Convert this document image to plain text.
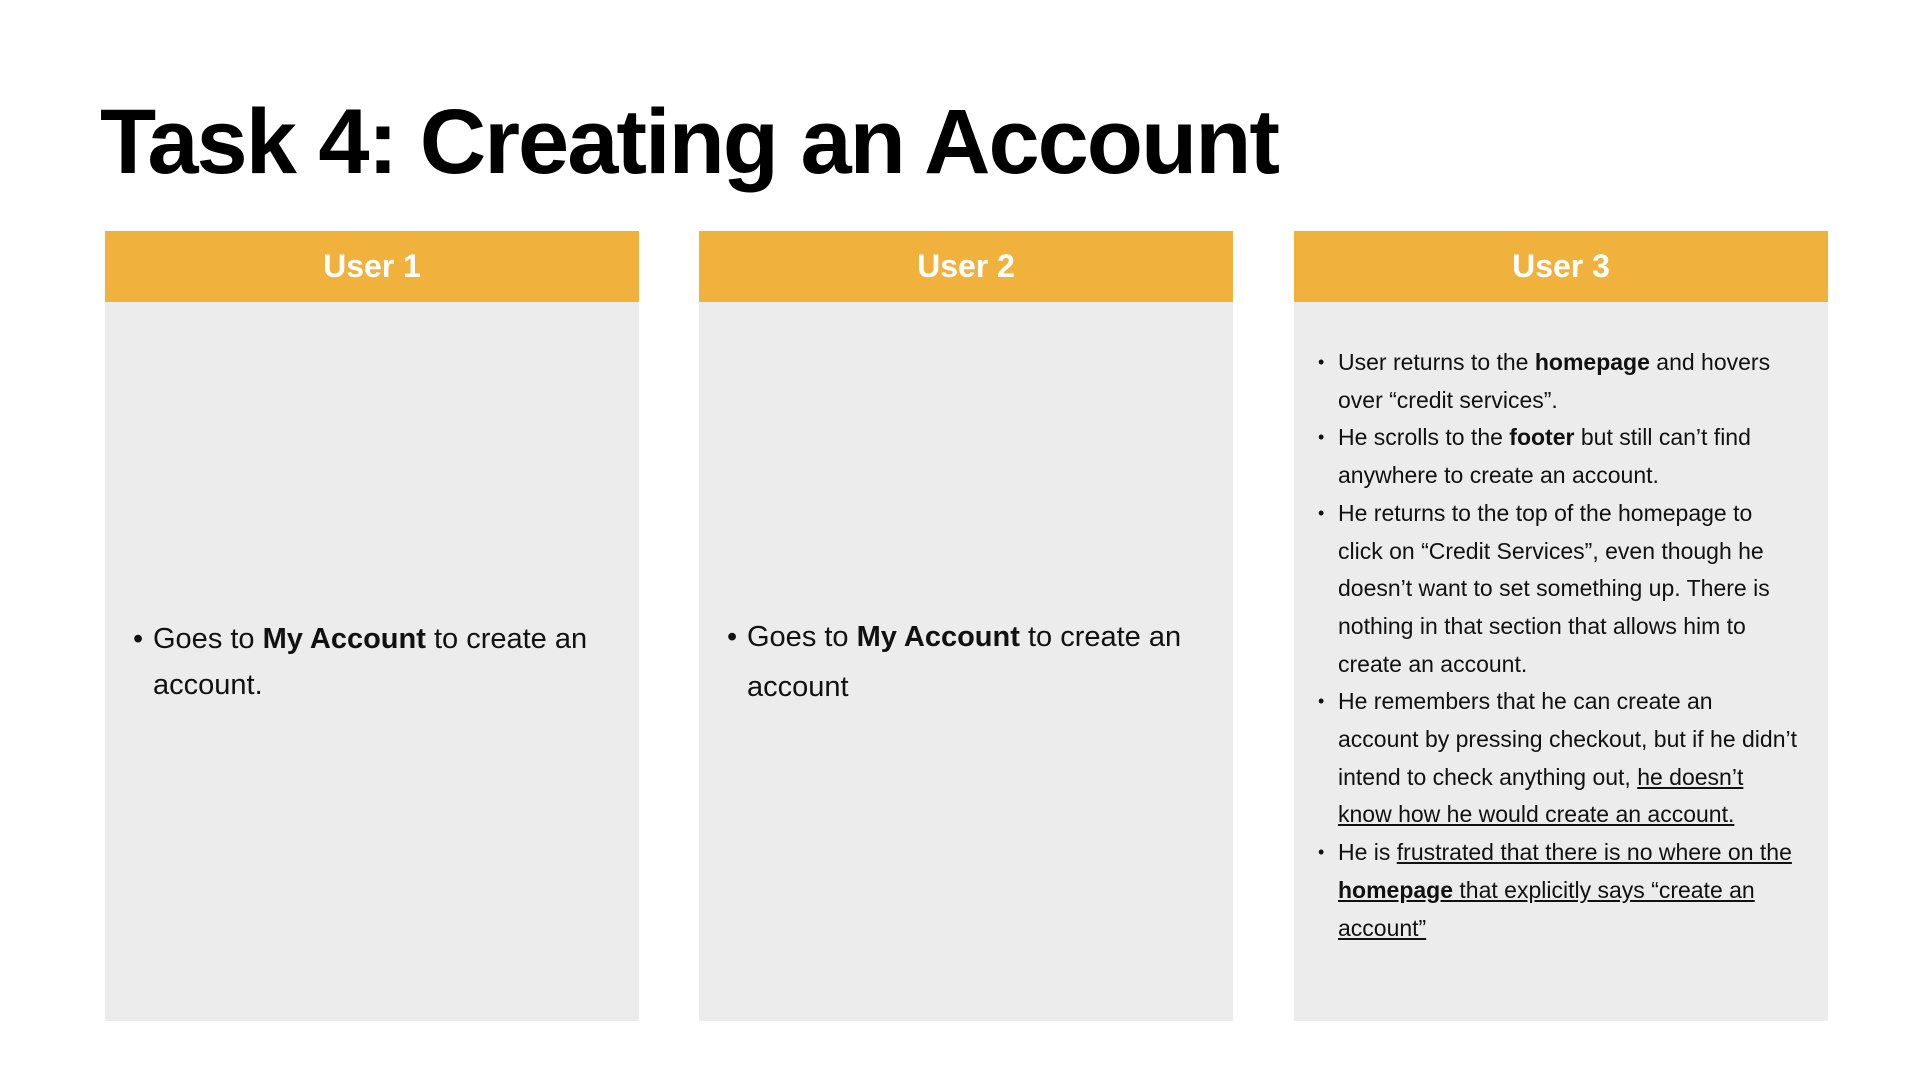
Task 4: Creating an Account
User 1
• Goes to My Account to create an account.
User 2
• Goes to My Account to create an account
User 3
• User returns to the homepage and hovers over “credit services”.
• He scrolls to the footer but still can’t find anywhere to create an account.
• He returns to the top of the homepage to click on “Credit Services”, even though he doesn’t want to set something up. There is nothing in that section that allows him to create an account.
• He remembers that he can create an account by pressing checkout, but if he didn’t intend to check anything out, he doesn’t know how he would create an account.
• He is frustrated that there is no where on the homepage that explicitly says “create an account”
